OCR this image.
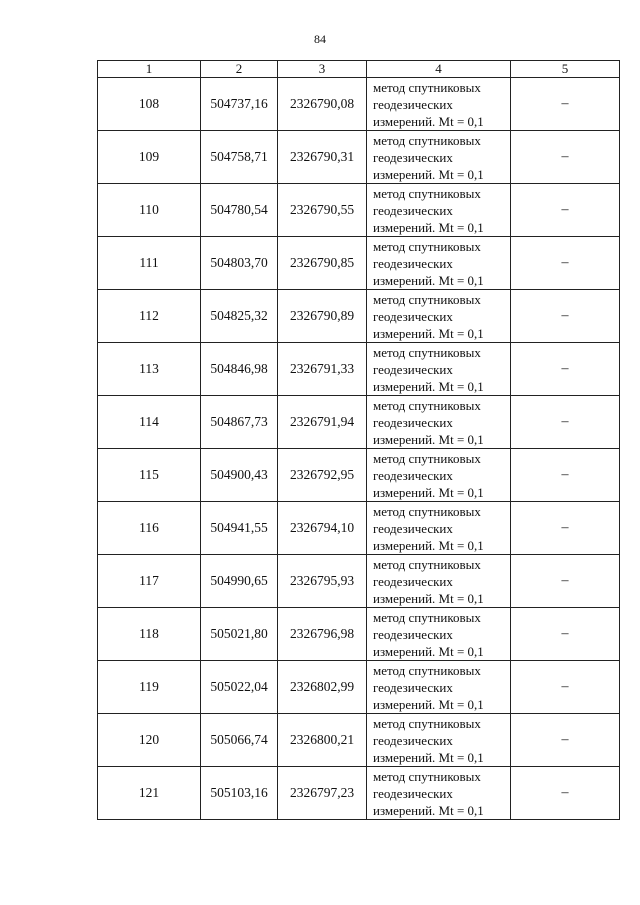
84
1	2	3	4	5
108	504737,16	2326790,08	метод спутниковых
геодезических
измерений. Mt = 0,1	–
109	504758,71	2326790,31	метод спутниковых
геодезических
измерений. Mt = 0,1	–
110	504780,54	2326790,55	метод спутниковых
геодезических
измерений. Mt = 0,1	–
111	504803,70	2326790,85	метод спутниковых
геодезических
измерений. Mt = 0,1	–
112	504825,32	2326790,89	метод спутниковых
геодезических
измерений. Mt = 0,1	–
113	504846,98	2326791,33	метод спутниковых
геодезических
измерений. Mt = 0,1	–
114	504867,73	2326791,94	метод спутниковых
геодезических
измерений. Mt = 0,1	–
115	504900,43	2326792,95	метод спутниковых
геодезических
измерений. Mt = 0,1	–
116	504941,55	2326794,10	метод спутниковых
геодезических
измерений. Mt = 0,1	–
117	504990,65	2326795,93	метод спутниковых
геодезических
измерений. Mt = 0,1	–
118	505021,80	2326796,98	метод спутниковых
геодезических
измерений. Mt = 0,1	–
119	505022,04	2326802,99	метод спутниковых
геодезических
измерений. Mt = 0,1	–
120	505066,74	2326800,21	метод спутниковых
геодезических
измерений. Mt = 0,1	–
121	505103,16	2326797,23	метод спутниковых
геодезических
измерений. Mt = 0,1	–
